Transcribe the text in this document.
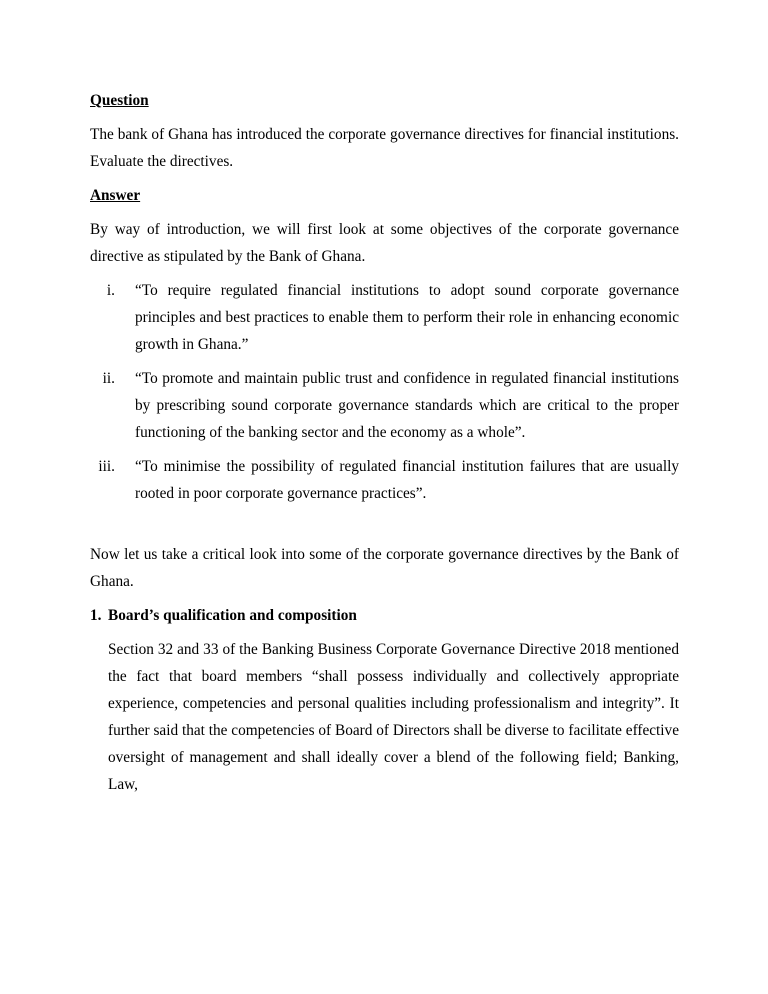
Question

The bank of Ghana has introduced the corporate governance directives for financial institutions. Evaluate the directives.

Answer

By way of introduction, we will first look at some objectives of the corporate governance directive as stipulated by the Bank of Ghana.

i. “To require regulated financial institutions to adopt sound corporate governance principles and best practices to enable them to perform their role in enhancing economic growth in Ghana.”
ii. “To promote and maintain public trust and confidence in regulated financial institutions by prescribing sound corporate governance standards which are critical to the proper functioning of the banking sector and the economy as a whole”.
iii. “To minimise the possibility of regulated financial institution failures that are usually rooted in poor corporate governance practices”.

Now let us take a critical look into some of the corporate governance directives by the Bank of Ghana.

1. Board’s qualification and composition

Section 32 and 33 of the Banking Business Corporate Governance Directive 2018 mentioned the fact that board members “shall possess individually and collectively appropriate experience, competencies and personal qualities including professionalism and integrity”. It further said that the competencies of Board of Directors shall be diverse to facilitate effective oversight of management and shall ideally cover a blend of the following field; Banking, Law,
